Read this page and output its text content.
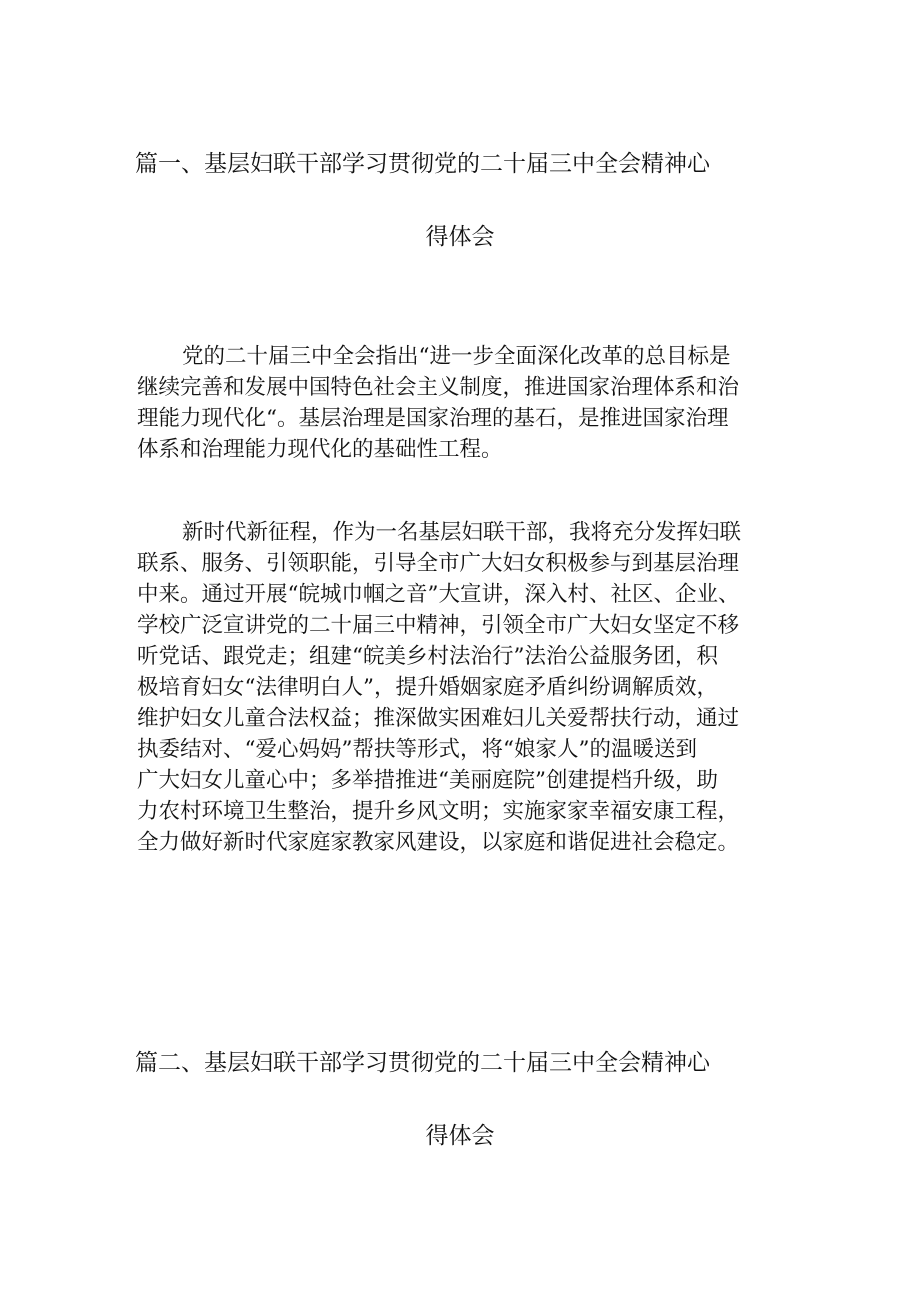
篇一、基层妇联干部学习贯彻党的二十届三中全会精神心
得体会
党的二十届三中全会指出“进一步全面深化改革的总目标是
继续完善和发展中国特色社会主义制度，推进国家治理体系和治
理能力现代化“。基层治理是国家治理的基石，是推进国家治理
体系和治理能力现代化的基础性工程。
新时代新征程，作为一名基层妇联干部，我将充分发挥妇联
联系、服务、引领职能，引导全市广大妇女积极参与到基层治理
中来。通过开展“皖城巾帼之音”大宣讲，深入村、社区、企业、
学校广泛宣讲党的二十届三中精神，引领全市广大妇女坚定不移
听党话、跟党走；组建“皖美乡村法治行”法治公益服务团，积
极培育妇女“法律明白人”，提升婚姻家庭矛盾纠纷调解质效，
维护妇女儿童合法权益；推深做实困难妇儿关爱帮扶行动，通过
执委结对、“爱心妈妈”帮扶等形式，将“娘家人”的温暖送到
广大妇女儿童心中；多举措推进“美丽庭院”创建提档升级，助
力农村环境卫生整治，提升乡风文明；实施家家幸福安康工程，
全力做好新时代家庭家教家风建设，以家庭和谐促进社会稳定。
篇二、基层妇联干部学习贯彻党的二十届三中全会精神心
得体会
